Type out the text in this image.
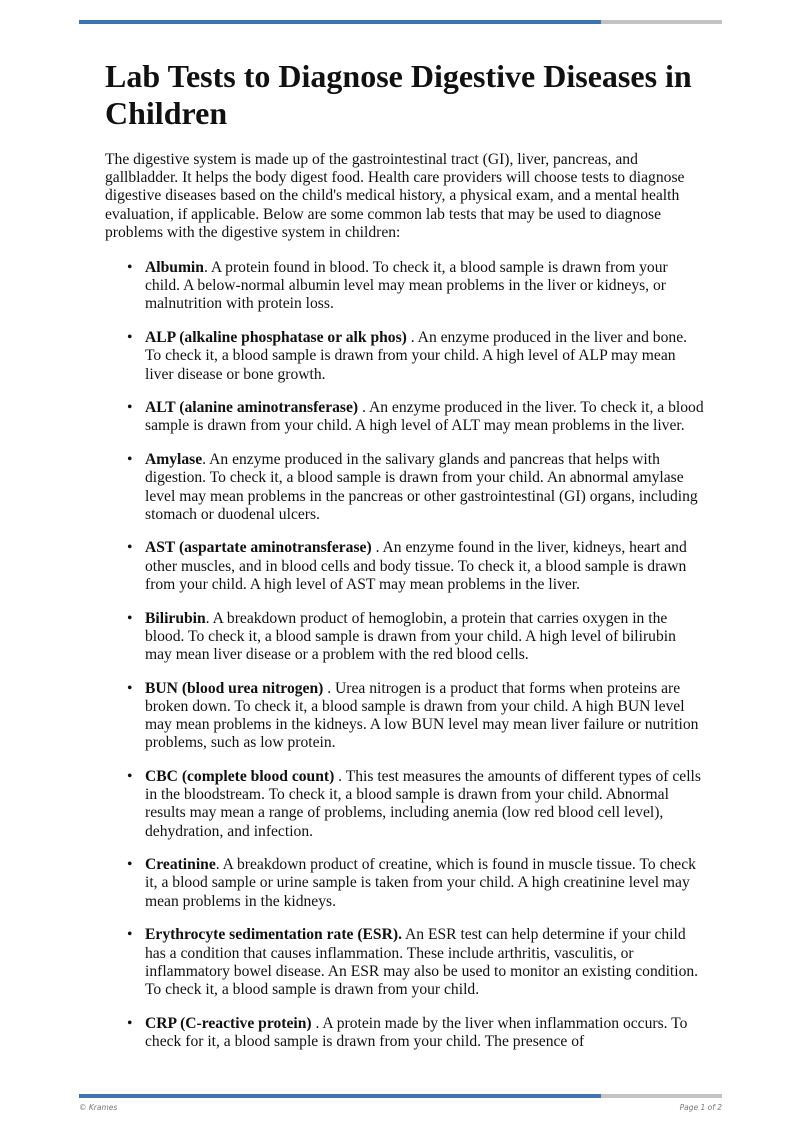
Lab Tests to Diagnose Digestive Diseases in Children

The digestive system is made up of the gastrointestinal tract (GI), liver, pancreas, and gallbladder. It helps the body digest food. Health care providers will choose tests to diagnose digestive diseases based on the child's medical history, a physical exam, and a mental health evaluation, if applicable. Below are some common lab tests that may be used to diagnose problems with the digestive system in children:

• Albumin. A protein found in blood. To check it, a blood sample is drawn from your child. A below-normal albumin level may mean problems in the liver or kidneys, or malnutrition with protein loss.
• ALP (alkaline phosphatase or alk phos) . An enzyme produced in the liver and bone. To check it, a blood sample is drawn from your child. A high level of ALP may mean liver disease or bone growth.
• ALT (alanine aminotransferase) . An enzyme produced in the liver. To check it, a blood sample is drawn from your child. A high level of ALT may mean problems in the liver.
• Amylase. An enzyme produced in the salivary glands and pancreas that helps with digestion. To check it, a blood sample is drawn from your child. An abnormal amylase level may mean problems in the pancreas or other gastrointestinal (GI) organs, including stomach or duodenal ulcers.
• AST (aspartate aminotransferase) . An enzyme found in the liver, kidneys, heart and other muscles, and in blood cells and body tissue. To check it, a blood sample is drawn from your child. A high level of AST may mean problems in the liver.
• Bilirubin. A breakdown product of hemoglobin, a protein that carries oxygen in the blood. To check it, a blood sample is drawn from your child. A high level of bilirubin may mean liver disease or a problem with the red blood cells.
• BUN (blood urea nitrogen) . Urea nitrogen is a product that forms when proteins are broken down. To check it, a blood sample is drawn from your child. A high BUN level may mean problems in the kidneys. A low BUN level may mean liver failure or nutrition problems, such as low protein.
• CBC (complete blood count) . This test measures the amounts of different types of cells in the bloodstream. To check it, a blood sample is drawn from your child. Abnormal results may mean a range of problems, including anemia (low red blood cell level), dehydration, and infection.
• Creatinine. A breakdown product of creatine, which is found in muscle tissue. To check it, a blood sample or urine sample is taken from your child. A high creatinine level may mean problems in the kidneys.
• Erythrocyte sedimentation rate (ESR). An ESR test can help determine if your child has a condition that causes inflammation. These include arthritis, vasculitis, or inflammatory bowel disease. An ESR may also be used to monitor an existing condition. To check it, a blood sample is drawn from your child.
• CRP (C-reactive protein) . A protein made by the liver when inflammation occurs. To check for it, a blood sample is drawn from your child. The presence of
© Krames	Page 1 of 2
